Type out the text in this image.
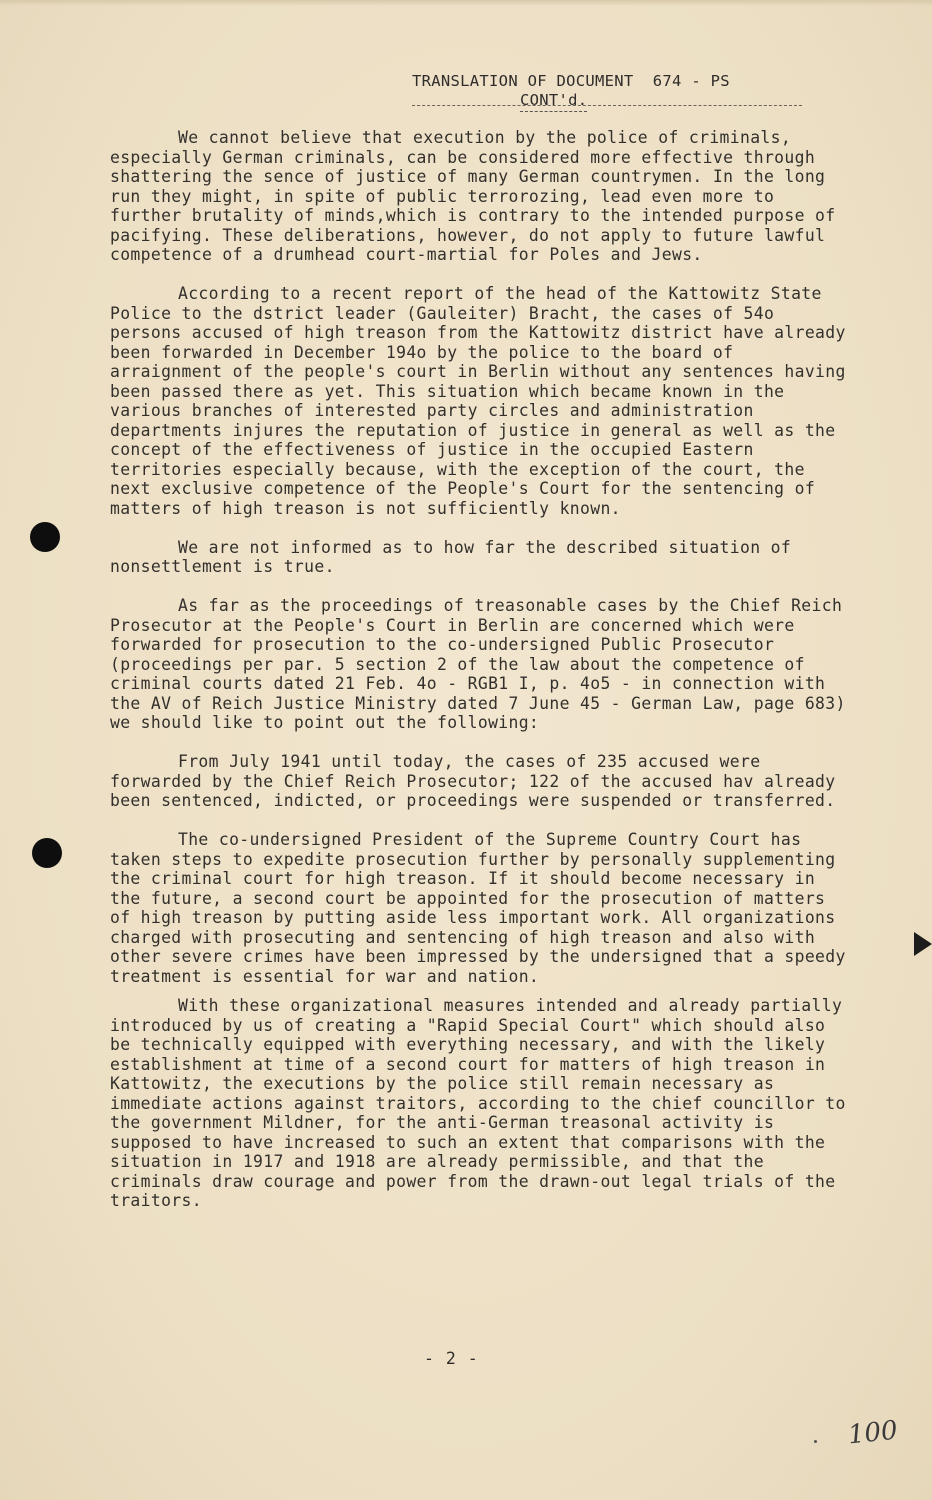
TRANSLATION OF DOCUMENT  674 - PS
CONT'd.

We cannot believe that execution by the police of criminals, especially German criminals, can be considered more effective through shattering the sence of justice of many German countrymen. In the long run they might, in spite of public terrorozing, lead even more to further brutality of minds,which is contrary to the intended purpose of pacifying. These deliberations, however, do not apply to future lawful competence of a drumhead court-martial for Poles and Jews.

According to a recent report of the head of the Kattowitz State Police to the dstrict leader (Gauleiter) Bracht, the cases of 54o persons accused of high treason from the Kattowitz district have already been forwarded in December 194o by the police to the board of arraignment of the people's court in Berlin without any sentences having been passed there as yet. This situation which became known in the various branches of interested party circles and administration departments injures the reputation of justice in general as well as the concept of the effectiveness of justice in the occupied Eastern territories especially because, with the exception of the court, the next exclusive competence of the People's Court for the sentencing of matters of high treason is not sufficiently known.

We are not informed as to how far the described situation of nonsettlement is true.

As far as the proceedings of treasonable cases by the Chief Reich Prosecutor at the People's Court in Berlin are concerned which were forwarded for prosecution to the co-undersigned Public Prosecutor (proceedings per par. 5 section 2 of the law about the competence of criminal courts dated 21 Feb. 4o - RGB1 I, p. 4o5 - in connection with the AV of Reich Justice Ministry dated 7 June 45 - German Law, page 683) we should like to point out the following:

From July 1941 until today, the cases of 235 accused were forwarded by the Chief Reich Prosecutor; 122 of the accused hav already been sentenced, indicted, or proceedings were suspended or transferred.

The co-undersigned President of the Supreme Country Court has taken steps to expedite prosecution further by personally supplementing the criminal court for high treason. If it should become necessary in the future, a second court be appointed for the prosecution of matters of high treason by putting aside less important work. All organizations charged with prosecuting and sentencing of high treason and also with other severe crimes have been impressed by the undersigned that a speedy treatment is essential for war and nation.

With these organizational measures intended and already partially introduced by us of creating a "Rapid Special Court" which should also be technically equipped with everything necessary, and with the likely establishment at time of a second court for matters of high treason in Kattowitz, the executions by the police still remain necessary as immediate actions against traitors, according to the chief councillor to the government Mildner, for the anti-German treasonal activity is supposed to have increased to such an extent that comparisons with the situation in 1917 and 1918 are already permissible, and that the criminals draw courage and power from the drawn-out legal trials of the traitors.

- 2 -
100
